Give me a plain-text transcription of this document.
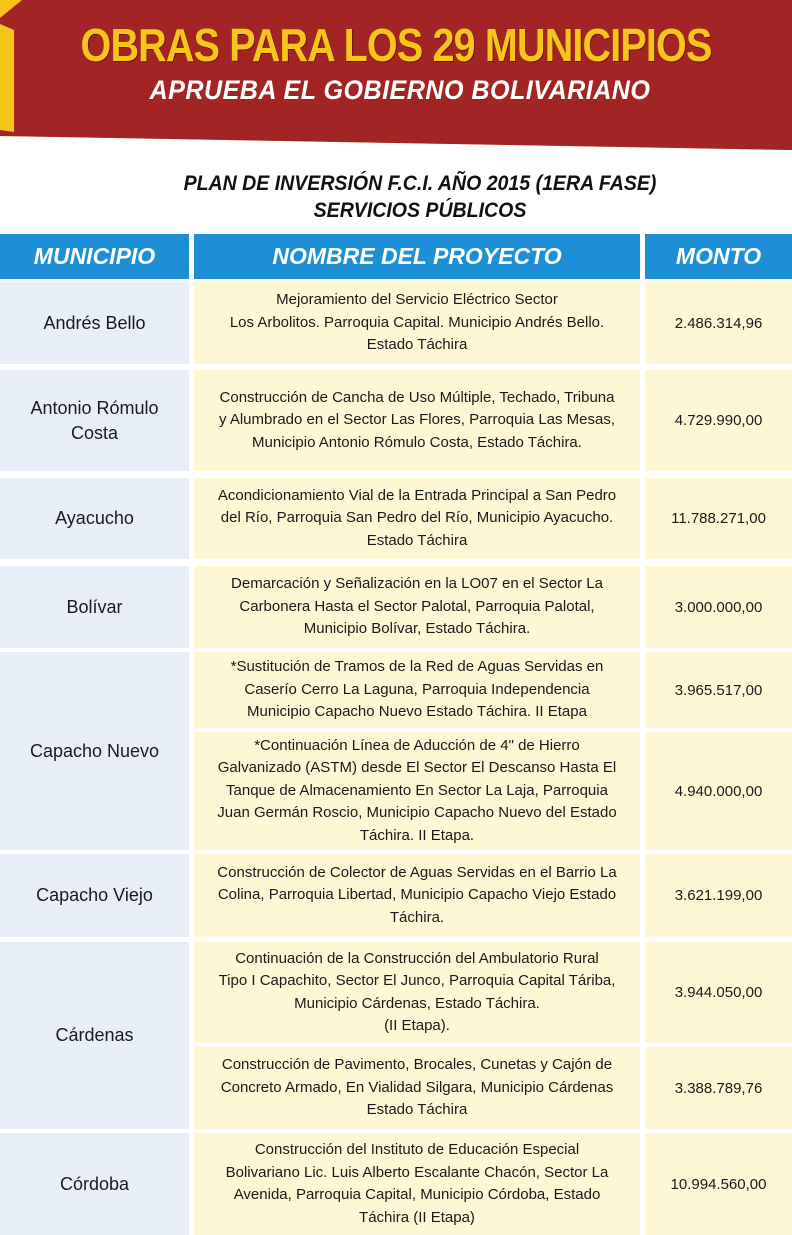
OBRAS PARA LOS 29 MUNICIPIOS
APRUEBA EL GOBIERNO BOLIVARIANO
PLAN DE INVERSIÓN F.C.I. AÑO 2015 (1ERA FASE)
SERVICIOS PÚBLICOS
MUNICIPIO	NOMBRE DEL PROYECTO	MONTO
Andrés Bello
Antonio Rómulo
Costa
Ayacucho
Bolívar
Capacho Nuevo
Capacho Viejo
Cárdenas
Córdoba
Mejoramiento del Servicio Eléctrico Sector
Los Arbolitos. Parroquia Capital. Municipio Andrés Bello.
Estado Táchira
2.486.314,96
Construcción de Cancha de Uso Múltiple, Techado, Tribuna
y Alumbrado en el Sector Las Flores, Parroquia Las Mesas,
Municipio Antonio Rómulo Costa, Estado Táchira.
4.729.990,00
Acondicionamiento Vial de la Entrada Principal a San Pedro
del Río, Parroquia San Pedro del Río, Municipio Ayacucho.
Estado Táchira
11.788.271,00
Demarcación y Señalización en la LO07 en el Sector La
Carbonera Hasta el Sector Palotal, Parroquia Palotal,
Municipio Bolívar, Estado Táchira.
3.000.000,00
*Sustitución de Tramos de la Red de Aguas Servidas en
Caserío Cerro La Laguna, Parroquia Independencia
Municipio Capacho Nuevo Estado Táchira. II Etapa
3.965.517,00
*Continuación Línea de Aducción de 4" de Hierro
Galvanizado (ASTM) desde El Sector El Descanso Hasta El
Tanque de Almacenamiento En Sector La Laja, Parroquia
Juan Germán Roscio, Municipio Capacho Nuevo del Estado
Táchira. II Etapa.
4.940.000,00
Construcción de Colector de Aguas Servidas en el Barrio La
Colina, Parroquia Libertad, Municipio Capacho Viejo Estado
Táchira.
3.621.199,00
Continuación de la Construcción del Ambulatorio Rural
Tipo I Capachito, Sector El Junco, Parroquia Capital Táriba,
Municipio Cárdenas, Estado Táchira.
(II Etapa).
3.944.050,00
Construcción de Pavimento, Brocales, Cunetas y Cajón de
Concreto Armado, En Vialidad Silgara, Municipio Cárdenas
Estado Táchira
3.388.789,76
Construcción del Instituto de Educación Especial
Bolivariano Lic. Luis Alberto Escalante Chacón, Sector La
Avenida, Parroquia Capital, Municipio Córdoba, Estado
Táchira (II Etapa)
10.994.560,00
